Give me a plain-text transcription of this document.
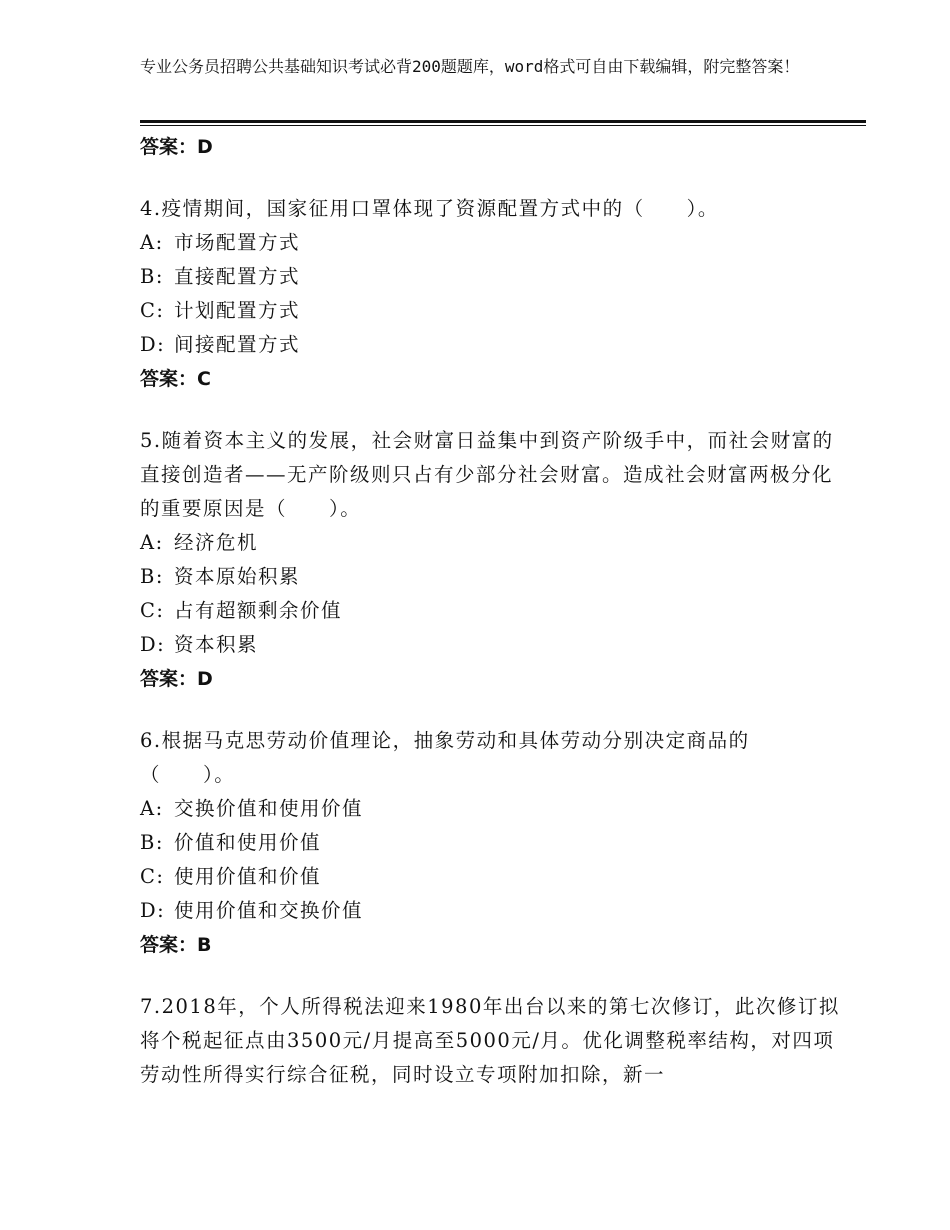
专业公务员招聘公共基础知识考试必背200题题库，word格式可自由下载编辑，附完整答案！
答案：D
4.疫情期间，国家征用口罩体现了资源配置方式中的（　　）。
A: 市场配置方式
B: 直接配置方式
C: 计划配置方式
D: 间接配置方式
答案：C
5.随着资本主义的发展，社会财富日益集中到资产阶级手中，而社会财富的直接创造者——无产阶级则只占有少部分社会财富。造成社会财富两极分化的重要原因是（　　）。
A: 经济危机
B: 资本原始积累
C: 占有超额剩余价值
D: 资本积累
答案：D
6.根据马克思劳动价值理论，抽象劳动和具体劳动分别决定商品的（　　）。
A: 交换价值和使用价值
B: 价值和使用价值
C: 使用价值和价值
D: 使用价值和交换价值
答案：B
7.2018年，个人所得税法迎来1980年出台以来的第七次修订，此次修订拟将个税起征点由3500元/月提高至5000元/月。优化调整税率结构，对四项劳动性所得实行综合征税，同时设立专项附加扣除，新一
